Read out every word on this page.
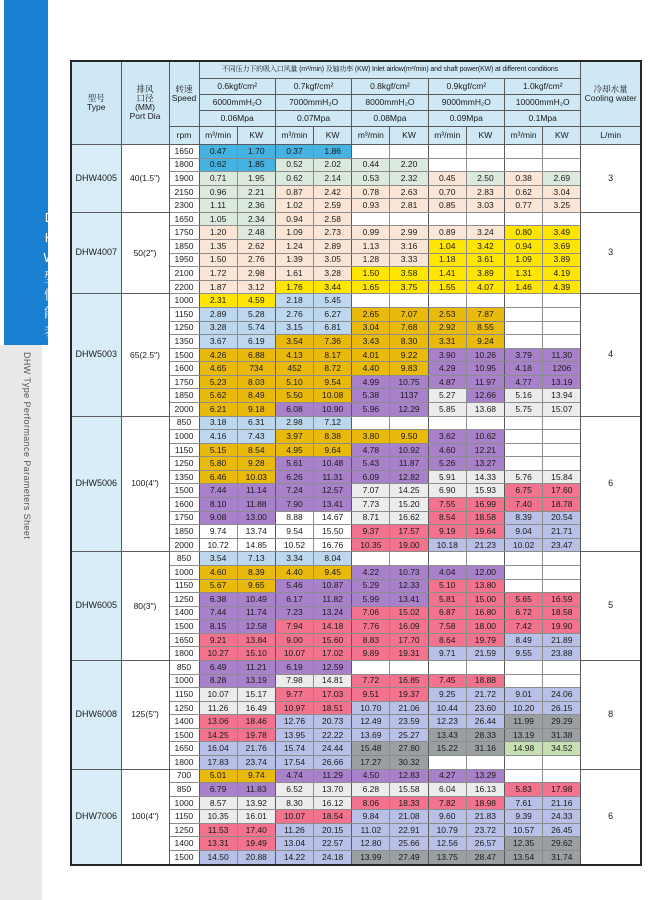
DHW型性能表
DHW Type Performance Parameters Sheet
型号
Type	排风
口径
(MM)
Port Dia	转速
Speed	不同压力下的吸入口风量 (m³/min) 及轴功率 (KW) Inlet airlow(m³/min) and shaft power(KW) at different conditions										冷却水量
Cooling water

			0.6kgf/cm²		0.7kgf/cm²		0.8kgf/cm²		0.9kgf/cm²		1.0kgf/cm²		
			6000mmH₂O		7000mmH₂O		8000mmH₂O		9000mmH₂O		10000mmH₂O		
			0.06Mpa		0.07Mpa		0.08Mpa		0.09Mpa		0.1Mpa		
		rpm	m³/min	KW	m³/min	KW	m³/min	KW	m³/min	KW	m³/min	KW	L/min
DHW4005	40(1.5")	1650	0.47	1.70	0.37	1.86							3
		1800	0.62	1.85	0.52	2.02	0.44	2.20					
		1900	0.71	1.95	0.62	2.14	0.53	2.32	0.45	2.50	0.38	2.69	
		2150	0.96	2.21	0.87	2.42	0.78	2.63	0.70	2.83	0.62	3.04	
		2300	1.11	2.36	1.02	2.59	0.93	2.81	0.85	3.03	0.77	3.25	
DHW4007	50(2")	1650	1.05	2.34	0.94	2.58							3
		1750	1.20	2.48	1.09	2.73	0.99	2.99	0.89	3.24	0.80	3.49	
		1850	1.35	2.62	1.24	2.89	1.13	3.16	1.04	3.42	0.94	3.69	
		1950	1.50	2.76	1.39	3.05	1.28	3.33	1.18	3.61	1.09	3.89	
		2100	1.72	2.98	1.61	3.28	1.50	3.58	1.41	3.89	1.31	4.19	
		2200	1.87	3.12	1.76	3.44	1.65	3.75	1.55	4.07	1.46	4.39	
DHW5003	65(2.5")	1000	2.31	4.59	2.18	5.45							4
		1150	2.89	5.28	2.76	6.27	2.65	7.07	2.53	7.87			
		1250	3.28	5.74	3.15	6.81	3.04	7.68	2.92	8.55			
		1350	3.67	6.19	3.54	7.36	3.43	8.30	3.31	9.24			
		1500	4.26	6.88	4.13	8.17	4.01	9.22	3.90	10.26	3.79	11.30	
		1600	4.65	734	452	8.72	4.40	9.83	4.29	10.95	4.18	1206	
		1750	5.23	8.03	5.10	9.54	4.99	10.75	4.87	11.97	4.77	13.19	
		1850	5.62	8.49	5.50	10.08	5.38	1137	5.27	12.66	5.16	13.94	
		2000	6.21	9.18	6.08	10.90	5.96	12.29	5.85	13.68	5.75	15.07	
DHW5006	100(4")	850	3.18	6.31	2.98	7.12							6
		1000	4.16	7.43	3.97	8.38	3.80	9.50	3.62	10.62			
		1150	5.15	8.54	4.95	9.64	4.78	10.92	4.60	12.21			
		1250	5.80	9.28	5.61	10.48	5.43	11.87	5.26	13.27			
		1350	6.46	10.03	6.26	11.31	6.09	12.82	5.91	14.33	5.76	15.84	
		1500	7.44	11.14	7.24	12.57	7.07	14.25	6.90	15.93	6.75	17.60	
		1600	8.10	11.88	7.90	13.41	7.73	15.20	7.55	16.99	7.40	18.78	
		1750	9.08	13.00	8.88	14.67	8.71	16.62	8.54	18.58	8.39	20.54	
		1850	9.74	13.74	9.54	15.50	9.37	17.57	9.19	19.64	9.04	21.71	
		2000	10.72	14.85	10.52	16.76	10.35	19.00	10.18	21.23	10.02	23.47	
DHW6005	80(3")	850	3.54	7.13	3.34	8.04							5
		1000	4.60	8.39	4.40	9.45	4.22	10.73	4.04	12.00			
		1150	5.67	9.65	5.46	10.87	5.29	12.33	5.10	13.80			
		1250	6.38	10.49	6.17	11.82	5.99	13.41	5.81	15.00	5.65	16.59	
		1400	7.44	11.74	7.23	13.24	7.06	15.02	6.87	16.80	6.72	18.58	
		1500	8.15	12.58	7.94	14.18	7.76	16.09	7.58	18.00	7.42	19.90	
		1650	9.21	13.84	9.00	15.60	8.83	17.70	8.64	19.79	8.49	21.89	
		1800	10.27	15.10	10.07	17.02	9.89	19.31	9.71	21.59	9.55	23.88	
DHW6008	125(5")	850	6.49	11.21	6.19	12.59							8
		1000	8.28	13.19	7.98	14.81	7.72	16.85	7.45	18.88			
		1150	10.07	15.17	9.77	17.03	9.51	19.37	9.25	21.72	9.01	24.06	
		1250	11.26	16.49	10.97	18.51	10.70	21.06	10.44	23.60	10.20	26.15	
		1400	13.06	18.46	12.76	20.73	12.49	23.59	12.23	26.44	11.99	29.29	
		1500	14.25	19.78	13.95	22.22	13.69	25.27	13.43	28.33	13.19	31.38	
		1650	16.04	21.76	15.74	24.44	15.48	27.80	15.22	31.16	14.98	34.52	
		1800	17.83	23.74	17.54	26.66	17.27	30.32					
DHW7006	100(4")	700	5.01	9.74	4.74	11.29	4.50	12.83	4.27	13.29			6
		850	6.79	11.83	6.52	13.70	6.28	15.58	6.04	16.13	5.83	17.98	
		1000	8.57	13.92	8.30	16.12	8.06	18.33	7.82	18.98	7.61	21.16	
		1150	10.35	16.01	10.07	18.54	9.84	21.08	9.60	21.83	9.39	24.33	
		1250	11.53	17.40	11.26	20.15	11.02	22.91	10.79	23.72	10.57	26.45	
		1400	13.31	19.49	13.04	22.57	12.80	25.66	12.56	26.57	12.35	29.62	
		1500	14.50	20.88	14.22	24.18	13.99	27.49	13.75	28.47	13.54	31.74	
